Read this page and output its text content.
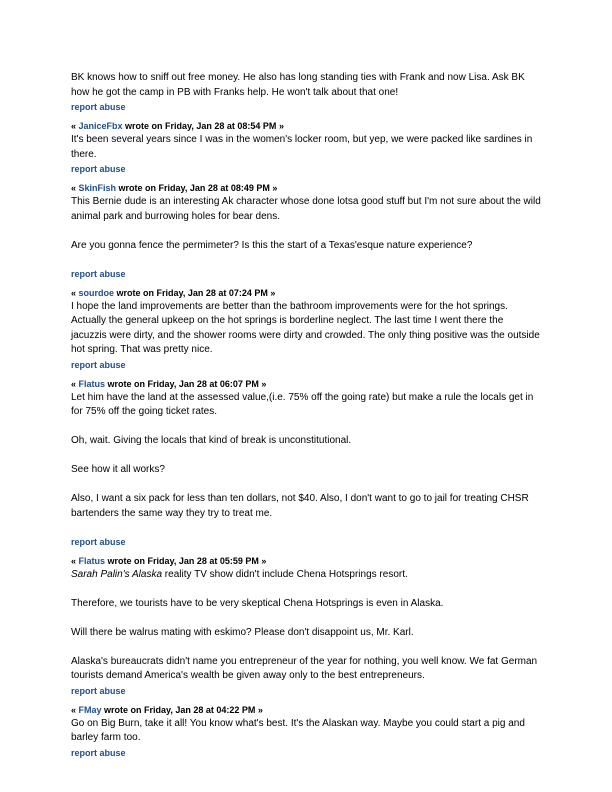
BK knows how to sniff out free money. He also has long standing ties with Frank and now Lisa. Ask BK how he got the camp in PB with Franks help. He won't talk about that one!

report abuse
« JaniceFbx wrote on Friday, Jan 28 at 08:54 PM »

It's been several years since I was in the women's locker room, but yep, we were packed like sardines in there.

report abuse
« SkinFish wrote on Friday, Jan 28 at 08:49 PM »

This Bernie dude is an interesting Ak character whose done lotsa good stuff but I'm not sure about the wild animal park and burrowing holes for bear dens.

Are you gonna fence the permimeter? Is this the start of a Texas'esque nature experience?

report abuse
« sourdoe wrote on Friday, Jan 28 at 07:24 PM »

I hope the land improvements are better than the bathroom improvements were for the hot springs. Actually the general upkeep on the hot springs is borderline neglect. The last time I went there the jacuzzis were dirty, and the shower rooms were dirty and crowded. The only thing positive was the outside hot spring. That was pretty nice.

report abuse
« Flatus wrote on Friday, Jan 28 at 06:07 PM »

Let him have the land at the assessed value,(i.e. 75% off the going rate) but make a rule the locals get in for 75% off the going ticket rates.

Oh, wait. Giving the locals that kind of break is unconstitutional.

See how it all works?

Also, I want a six pack for less than ten dollars, not $40. Also, I don't want to go to jail for treating CHSR bartenders the same way they try to treat me.

report abuse
« Flatus wrote on Friday, Jan 28 at 05:59 PM »

Sarah Palin's Alaska reality TV show didn't include Chena Hotsprings resort.

Therefore, we tourists have to be very skeptical Chena Hotsprings is even in Alaska.

Will there be walrus mating with eskimo? Please don't disappoint us, Mr. Karl.

Alaska's bureaucrats didn't name you entrepreneur of the year for nothing, you well know. We fat German tourists demand America's wealth be given away only to the best entrepreneurs.

report abuse
« FMay wrote on Friday, Jan 28 at 04:22 PM »

Go on Big Burn, take it all! You know what's best. It's the Alaskan way. Maybe you could start a pig and barley farm too.

report abuse
